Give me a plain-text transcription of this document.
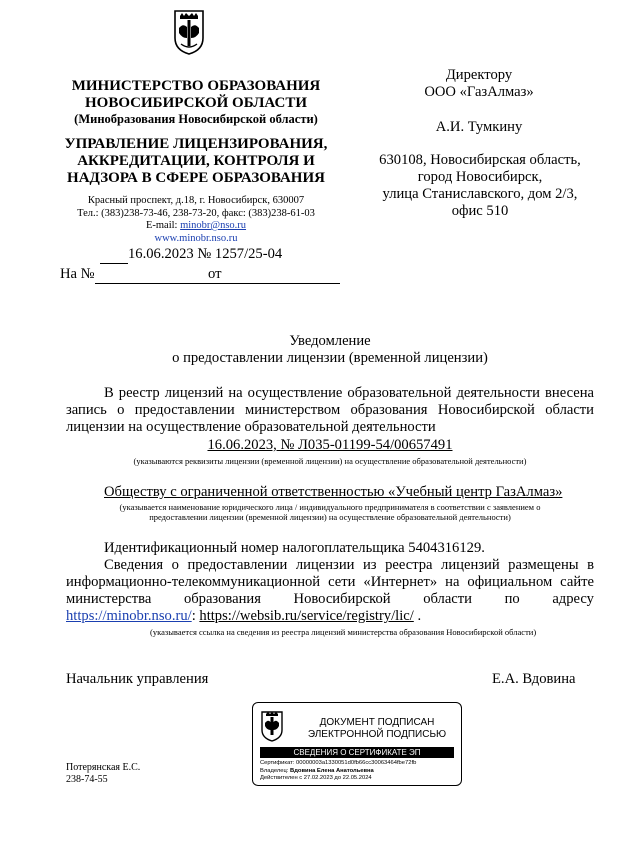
МИНИСТЕРСТВО ОБРАЗОВАНИЯ
НОВОСИБИРСКОЙ ОБЛАСТИ
(Минобразования Новосибирской области)
УПРАВЛЕНИЕ ЛИЦЕНЗИРОВАНИЯ,
АККРЕДИТАЦИИ, КОНТРОЛЯ И
НАДЗОРА В СФЕРЕ ОБРАЗОВАНИЯ
Красный проспект, д.18, г. Новосибирск, 630007
Тел.: (383)238-73-46, 238-73-20, факс: (383)238-61-03
E-mail: minobr@nso.ru
www.minobr.nso.ru
16.06.2023 № 1257/25-04
На №	от
Директору
ООО «ГазАлмаз»
А.И. Тумкину
630108, Новосибирская область,
город Новосибирск,
улица Станиславского, дом 2/3,
офис 510
Уведомление
о предоставлении лицензии (временной лицензии)
В реестр лицензий на осуществление образовательной деятельности внесена
запись о предоставлении министерством образования Новосибирской области
лицензии на осуществление образовательной деятельности
16.06.2023, № Л035-01199-54/00657491
(указываются реквизиты лицензии (временной лицензии) на осуществление образовательной деятельности)
Обществу с ограниченной ответственностью «Учебный центр ГазАлмаз»
(указывается наименование юридического лица / индивидуального предпринимателя в соответствии с заявлением о
предоставлении лицензии (временной лицензии) на осуществление образовательной деятельности)
Идентификационный номер налогоплательщика 5404316129.
Сведения о предоставлении лицензии из реестра лицензий размещены в
информационно-телекоммуникационной сети «Интернет» на официальном сайте
министерства образования Новосибирской области по адресу
https://minobr.nso.ru/: https://websib.ru/service/registry/lic/ .
(указывается ссылка на сведения из реестра лицензий министерства образования Новосибирской области)
Начальник управления	Е.А. Вдовина
Потерянская Е.С.
238-74-55
ДОКУМЕНТ ПОДПИСАН
ЭЛЕКТРОННОЙ ПОДПИСЬЮ
СВЕДЕНИЯ О СЕРТИФИКАТЕ ЭП
Сертификат: 00000003a1330051d0fb66cc30063464fbe72fb
Владелец: Вдовина Елена Анатольевна
Действителен с 27.02.2023 до 22.05.2024
